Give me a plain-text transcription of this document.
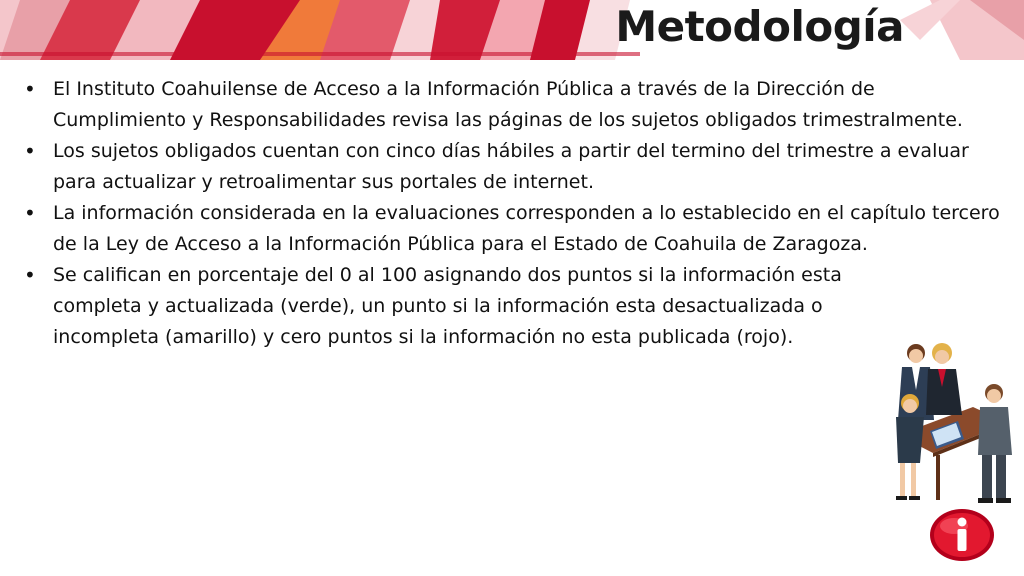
Metodología
• El Instituto Coahuilense de Acceso a la Información Pública a través de la Dirección de Cumplimiento y Responsabilidades revisa las páginas de los sujetos obligados trimestralmente.
• Los sujetos obligados cuentan con cinco días hábiles a partir del termino del trimestre a evaluar para actualizar y retroalimentar sus portales de internet.
• La información considerada en la evaluaciones corresponden a lo establecido en el capítulo tercero de la Ley de Acceso a la Información Pública para el Estado de Coahuila de Zaragoza.
• Se califican en porcentaje del 0 al 100 asignando dos puntos si la información esta completa y actualizada (verde), un punto si la información esta desactualizada o incompleta (amarillo) y cero puntos si la información no esta publicada (rojo).
